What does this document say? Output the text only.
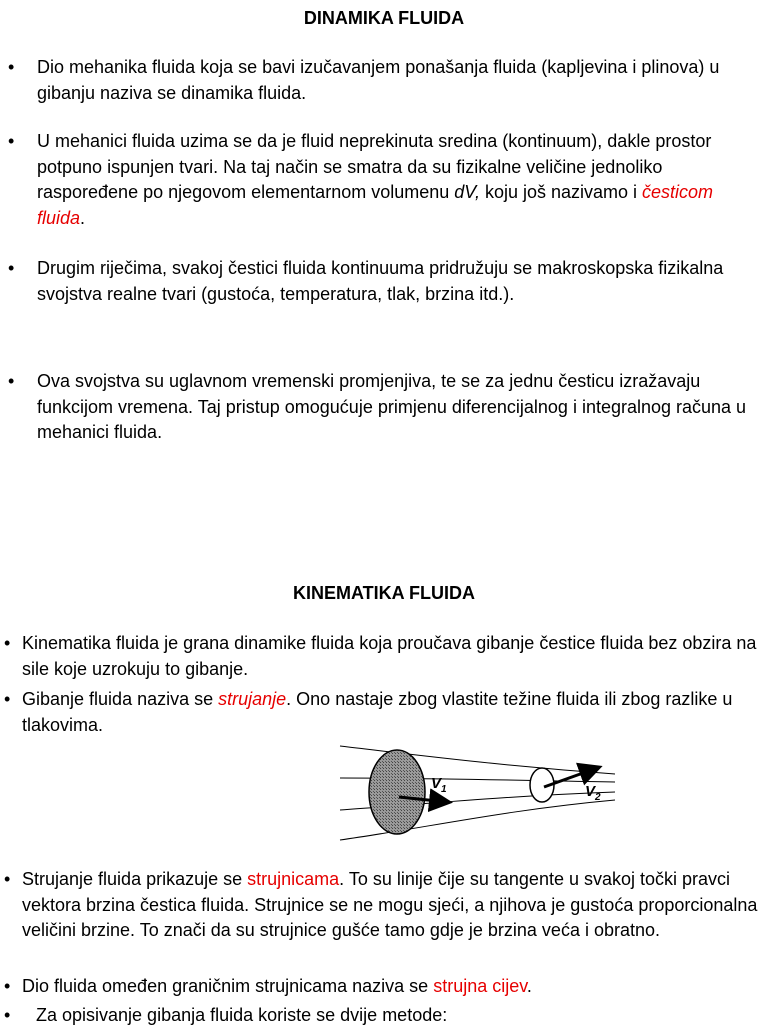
DINAMIKA FLUIDA
• Dio mehanika fluida koja se bavi izučavanjem ponašanja fluida (kapljevina i plinova) u gibanju naziva se dinamika fluida.
• U mehanici fluida uzima se da je fluid neprekinuta sredina (kontinuum), dakle prostor potpuno ispunjen tvari. Na taj način se smatra da su fizikalne veličine jednoliko raspoređene po njegovom elementarnom volumenu dV, koju još nazivamo i česticom fluida.
• Drugim riječima, svakoj čestici fluida kontinuuma pridružuju se makroskopska fizikalna svojstva realne tvari (gustoća, temperatura, tlak, brzina itd.).
• Ova svojstva su uglavnom vremenski promjenjiva, te se za jednu česticu izražavaju funkcijom vremena. Taj pristup omogućuje primjenu diferencijalnog i integralnog računa u mehanici fluida.
KINEMATIKA FLUIDA
• Kinematika fluida je grana dinamike fluida koja proučava gibanje čestice fluida bez obzira na sile koje uzrokuju to gibanje.
• Gibanje fluida naziva se strujanje. Ono nastaje zbog vlastite težine fluida ili zbog razlike u tlakovima.
$V_1$	$V_2$
• Strujanje fluida prikazuje se strujnicama. To su linije čije su tangente u svakoj točki pravci vektora brzina čestica fluida. Strujnice se ne mogu sjeći, a njihova je gustoća proporcionalna veličini brzine. To znači da su strujnice gušće tamo gdje je brzina veća i obratno.
• Dio fluida omeđen graničnim strujnicama naziva se strujna cijev.
• Za opisivanje gibanja fluida koriste se dvije metode:
